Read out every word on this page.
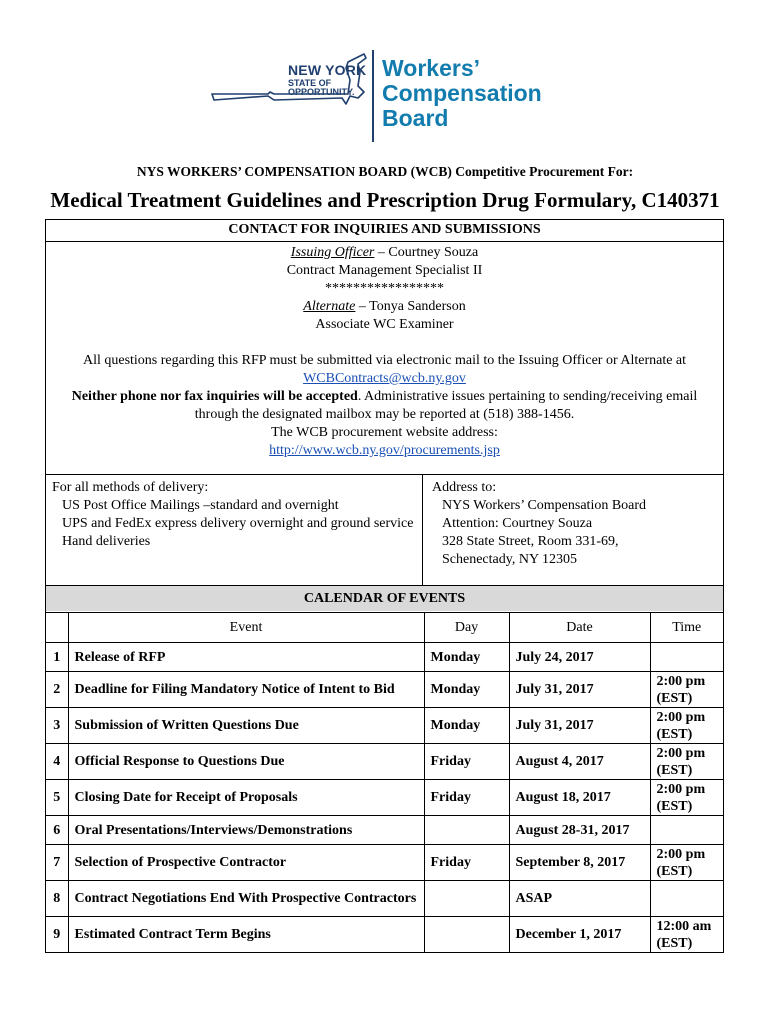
NEW YORK
STATE OF
OPPORTUNITY.
Workers’
Compensation
Board
NYS WORKERS’ COMPENSATION BOARD (WCB) Competitive Procurement For:
Medical Treatment Guidelines and Prescription Drug Formulary, C140371
CONTACT FOR INQUIRIES AND SUBMISSIONS
Issuing Officer – Courtney Souza
Contract Management Specialist II
*****************
Alternate – Tonya Sanderson
Associate WC Examiner
All questions regarding this RFP must be submitted via electronic mail to the Issuing Officer or Alternate at
WCBContracts@wcb.ny.gov
Neither phone nor fax inquiries will be accepted. Administrative issues pertaining to sending/receiving email through the designated mailbox may be reported at (518) 388-1456.
The WCB procurement website address:
http://www.wcb.ny.gov/procurements.jsp
For all methods of delivery:
US Post Office Mailings –standard and overnight
UPS and FedEx express delivery overnight and ground service
Hand deliveries
Address to:
NYS Workers’ Compensation Board
Attention: Courtney Souza
328 State Street, Room 331-69,
Schenectady, NY 12305
CALENDAR OF EVENTS
	Event	Day	Date	Time
1	Release of RFP	Monday	July 24, 2017	
2	Deadline for Filing Mandatory Notice of Intent to Bid	Monday	July 31, 2017	2:00 pm (EST)
3	Submission of Written Questions Due	Monday	July 31, 2017	2:00 pm (EST)
4	Official Response to Questions Due	Friday	August 4, 2017	2:00 pm (EST)
5	Closing Date for Receipt of Proposals	Friday	August 18, 2017	2:00 pm (EST)
6	Oral Presentations/Interviews/Demonstrations		August 28-31, 2017	
7	Selection of Prospective Contractor	Friday	September 8, 2017	2:00 pm (EST)
8	Contract Negotiations End With Prospective Contractors		ASAP	
9	Estimated Contract Term Begins		December 1, 2017	12:00 am (EST)
